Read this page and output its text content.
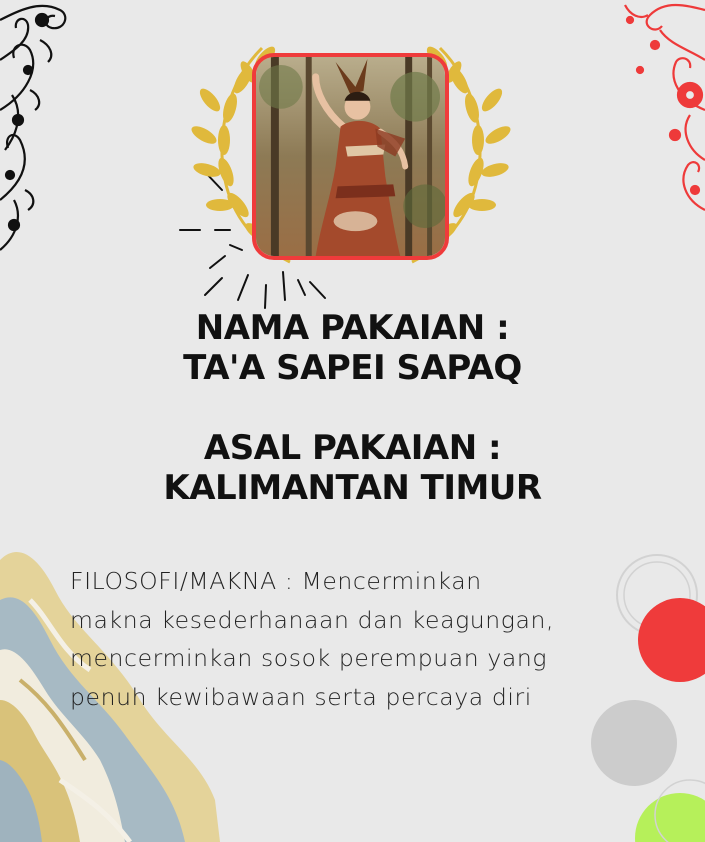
NAMA PAKAIAN :
TA'A SAPEI SAPAQ
ASAL PAKAIAN :
KALIMANTAN TIMUR
FILOSOFI/MAKNA : Mencerminkan
makna kesederhanaan dan keagungan,
mencerminkan sosok perempuan yang
penuh kewibawaan serta percaya diri
